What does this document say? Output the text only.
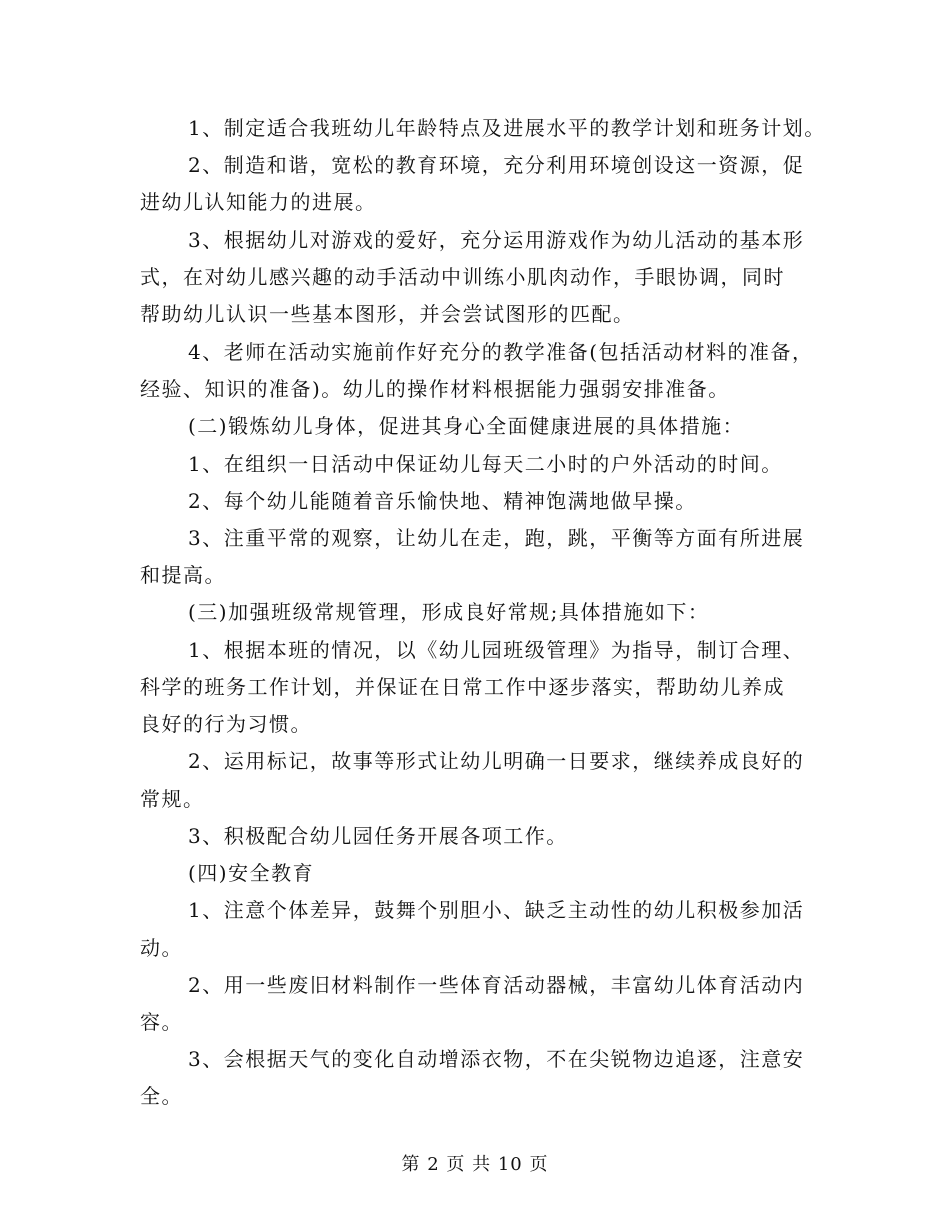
1、制定适合我班幼儿年龄特点及进展水平的教学计划和班务计划。
2、制造和谐，宽松的教育环境，充分利用环境创设这一资源，促
进幼儿认知能力的进展。
3、根据幼儿对游戏的爱好，充分运用游戏作为幼儿活动的基本形
式，在对幼儿感兴趣的动手活动中训练小肌肉动作，手眼协调，同时
帮助幼儿认识一些基本图形，并会尝试图形的匹配。
4、老师在活动实施前作好充分的教学准备(包括活动材料的准备，
经验、知识的准备)。幼儿的操作材料根据能力强弱安排准备。
(二)锻炼幼儿身体，促进其身心全面健康进展的具体措施：
1、在组织一日活动中保证幼儿每天二小时的户外活动的时间。
2、每个幼儿能随着音乐愉快地、精神饱满地做早操。
3、注重平常的观察，让幼儿在走，跑，跳，平衡等方面有所进展
和提高。
(三)加强班级常规管理，形成良好常规;具体措施如下：
1、根据本班的情况，以《幼儿园班级管理》为指导，制订合理、
科学的班务工作计划，并保证在日常工作中逐步落实，帮助幼儿养成
良好的行为习惯。
2、运用标记，故事等形式让幼儿明确一日要求，继续养成良好的
常规。
3、积极配合幼儿园任务开展各项工作。
(四)安全教育
1、注意个体差异，鼓舞个别胆小、缺乏主动性的幼儿积极参加活
动。
2、用一些废旧材料制作一些体育活动器械，丰富幼儿体育活动内
容。
3、会根据天气的变化自动增添衣物，不在尖锐物边追逐，注意安
全。
第 2 页 共 10 页
